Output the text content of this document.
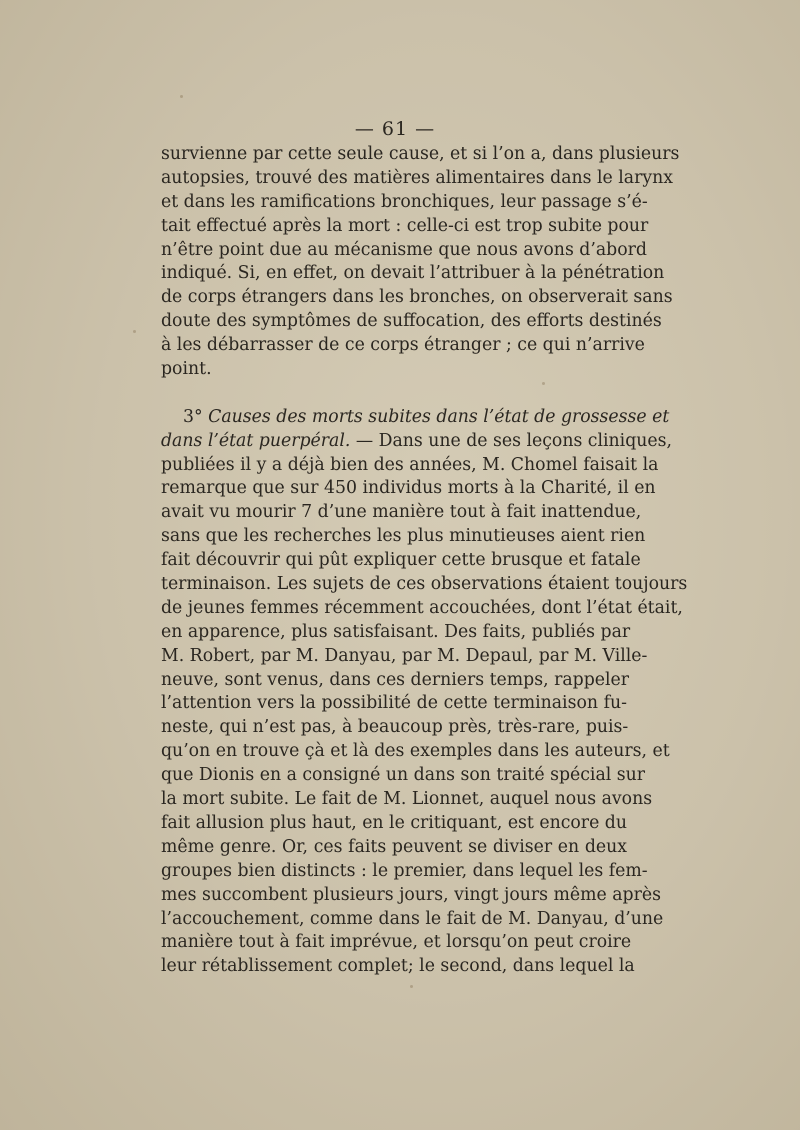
— 61 —
survienne par cette seule cause, et si l’on a, dans plusieurs
autopsies, trouvé des matières alimentaires dans le larynx
et dans les ramifications bronchiques, leur passage s’é-
tait effectué après la mort : celle-ci est trop subite pour
n’être point due au mécanisme que nous avons d’abord
indiqué. Si, en effet, on devait l’attribuer à la pénétration
de corps étrangers dans les bronches, on observerait sans
doute des symptômes de suffocation, des efforts destinés
à les débarrasser de ce corps étranger ; ce qui n’arrive
point.
3° Causes des morts subites dans l’état de grossesse et
dans l’état puerpéral. — Dans une de ses leçons cliniques,
publiées il y a déjà bien des années, M. Chomel faisait la
remarque que sur 450 individus morts à la Charité, il en
avait vu mourir 7 d’une manière tout à fait inattendue,
sans que les recherches les plus minutieuses aient rien
fait découvrir qui pût expliquer cette brusque et fatale
terminaison. Les sujets de ces observations étaient toujours
de jeunes femmes récemment accouchées, dont l’état était,
en apparence, plus satisfaisant. Des faits, publiés par
M. Robert, par M. Danyau, par M. Depaul, par M. Ville-
neuve, sont venus, dans ces derniers temps, rappeler
l’attention vers la possibilité de cette terminaison fu-
neste, qui n’est pas, à beaucoup près, très-rare, puis-
qu’on en trouve çà et là des exemples dans les auteurs, et
que Dionis en a consigné un dans son traité spécial sur
la mort subite. Le fait de M. Lionnet, auquel nous avons
fait allusion plus haut, en le critiquant, est encore du
même genre. Or, ces faits peuvent se diviser en deux
groupes bien distincts : le premier, dans lequel les fem-
mes succombent plusieurs jours, vingt jours même après
l’accouchement, comme dans le fait de M. Danyau, d’une
manière tout à fait imprévue, et lorsqu’on peut croire
leur rétablissement complet; le second, dans lequel la
